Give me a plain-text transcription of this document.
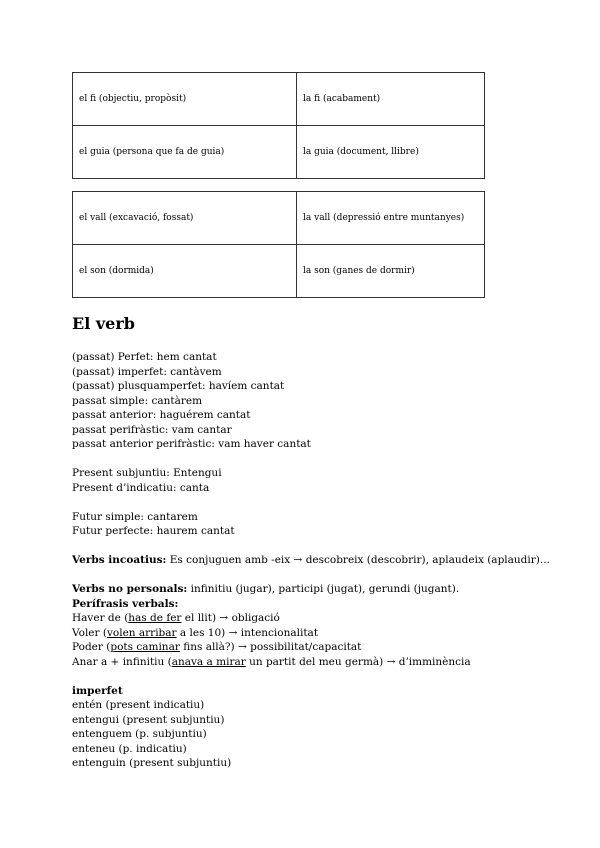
el fi (objectiu, propòsit)	la fi (acabament)
el guia (persona que fa de guia)	la guia (document, llibre)
el vall (excavació, fossat)	la vall (depressió entre muntanyes)
el son (dormida)	la son (ganes de dormir)
El verb
(passat) Perfet: hem cantat
(passat) imperfet: cantàvem
(passat) plusquamperfet: havíem cantat
passat simple: cantàrem
passat anterior: haguérem cantat
passat perifràstic: vam cantar
passat anterior perifràstic: vam haver cantat
Present subjuntiu: Entengui
Present d’indicatiu: canta
Futur simple: cantarem
Futur perfecte: haurem cantat
Verbs incoatius: Es conjuguen amb -eix → descobreix (descobrir), aplaudeix (aplaudir)...
Verbs no personals: infinitiu (jugar), participi (jugat), gerundi (jugant).
Perífrasis verbals:
Haver de (has de fer el llit) → obligació
Voler (volen arribar a les 10) → intencionalitat
Poder (pots caminar fins allà?) → possibilitat/capacitat
Anar a + infinitiu (anava a mirar un partit del meu germà) → d’imminència
imperfet
entén (present indicatiu)
entengui (present subjuntiu)
entenguem (p. subjuntiu)
enteneu (p. indicatiu)
entenguin (present subjuntiu)
